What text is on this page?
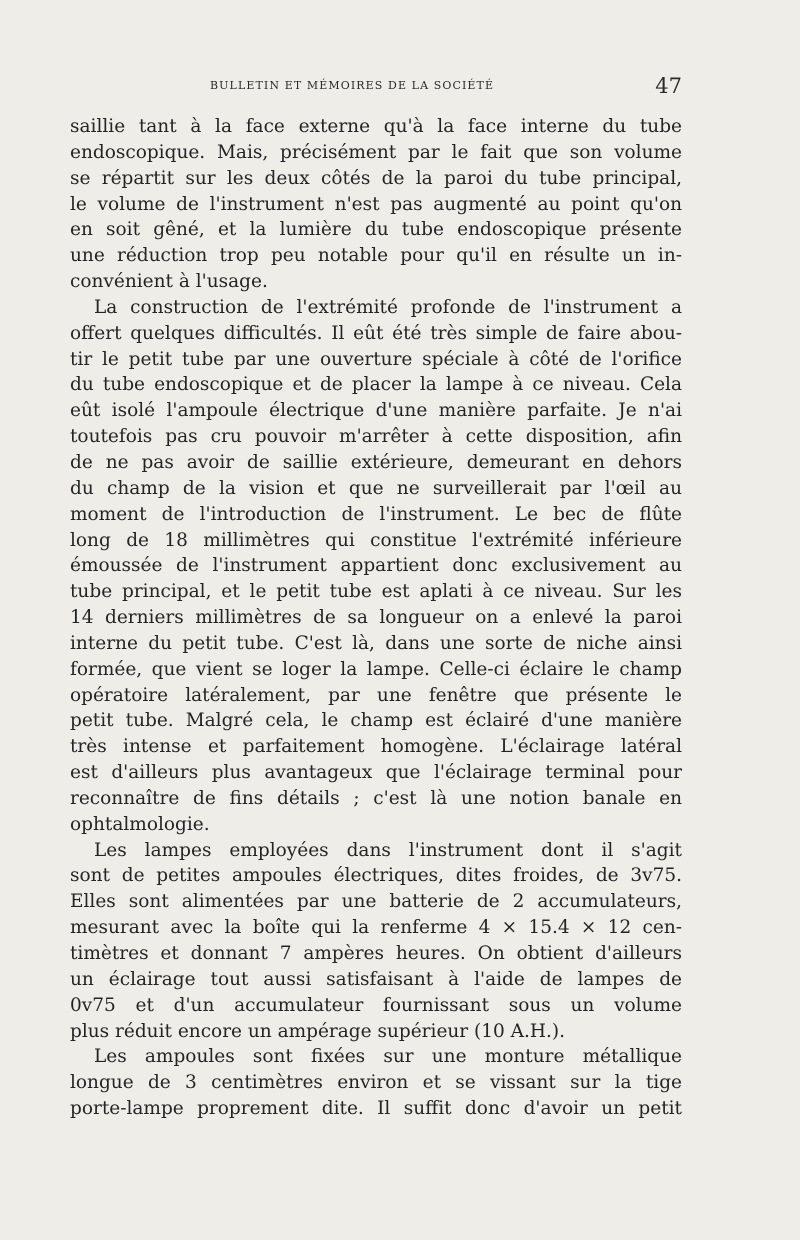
BULLETIN ET MÉMOIRES DE LA SOCIÉTÉ	47
saillie tant à la face externe qu'à la face interne du tube
endoscopique. Mais, précisément par le fait que son volume
se répartit sur les deux côtés de la paroi du tube principal,
le volume de l'instrument n'est pas augmenté au point qu'on
en soit gêné, et la lumière du tube endoscopique présente
une réduction trop peu notable pour qu'il en résulte un in-
convénient à l'usage.
La construction de l'extrémité profonde de l'instrument a
offert quelques difficultés. Il eût été très simple de faire abou-
tir le petit tube par une ouverture spéciale à côté de l'orifice
du tube endoscopique et de placer la lampe à ce niveau. Cela
eût isolé l'ampoule électrique d'une manière parfaite. Je n'ai
toutefois pas cru pouvoir m'arrêter à cette disposition, afin
de ne pas avoir de saillie extérieure, demeurant en dehors
du champ de la vision et que ne surveillerait par l'œil au
moment de l'introduction de l'instrument. Le bec de flûte
long de 18 millimètres qui constitue l'extrémité inférieure
émoussée de l'instrument appartient donc exclusivement au
tube principal, et le petit tube est aplati à ce niveau. Sur les
14 derniers millimètres de sa longueur on a enlevé la paroi
interne du petit tube. C'est là, dans une sorte de niche ainsi
formée, que vient se loger la lampe. Celle-ci éclaire le champ
opératoire latéralement, par une fenêtre que présente le
petit tube. Malgré cela, le champ est éclairé d'une manière
très intense et parfaitement homogène. L'éclairage latéral
est d'ailleurs plus avantageux que l'éclairage terminal pour
reconnaître de fins détails ; c'est là une notion banale en
ophtalmologie.
Les lampes employées dans l'instrument dont il s'agit
sont de petites ampoules électriques, dites froides, de 3v75.
Elles sont alimentées par une batterie de 2 accumulateurs,
mesurant avec la boîte qui la renferme 4 × 15.4 × 12 cen-
timètres et donnant 7 ampères heures. On obtient d'ailleurs
un éclairage tout aussi satisfaisant à l'aide de lampes de
0v75 et d'un accumulateur fournissant sous un volume
plus réduit encore un ampérage supérieur (10 A.H.).
Les ampoules sont fixées sur une monture métallique
longue de 3 centimètres environ et se vissant sur la tige
porte-lampe proprement dite. Il suffit donc d'avoir un petit
